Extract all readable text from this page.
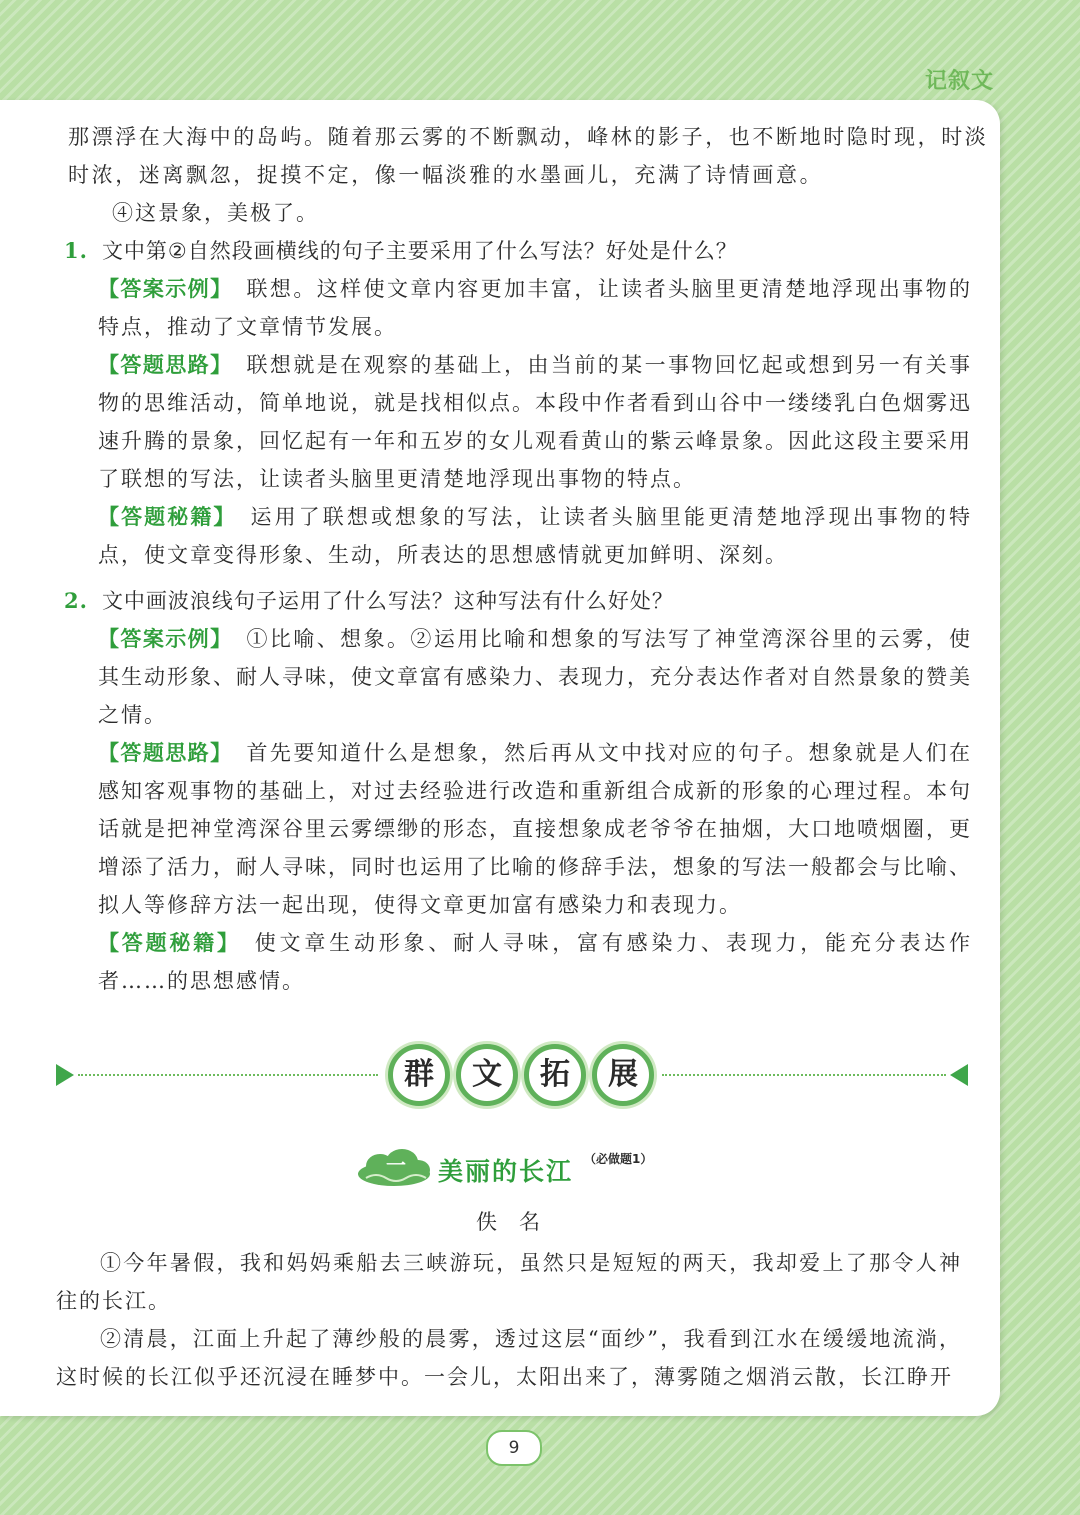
记叙文

那漂浮在大海中的岛屿。随着那云雾的不断飘动，峰林的影子，也不断地时隐时现，时淡

时浓，迷离飘忽，捉摸不定，像一幅淡雅的水墨画儿，充满了诗情画意。

④这景象，美极了。

1. 文中第②自然段画横线的句子主要采用了什么写法？好处是什么？

【答案示例】 联想。这样使文章内容更加丰富，让读者头脑里更清楚地浮现出事物的特点，推动了文章情节发展。

【答题思路】 联想就是在观察的基础上，由当前的某一事物回忆起或想到另一有关事物的思维活动，简单地说，就是找相似点。本段中作者看到山谷中一缕缕乳白色烟雾迅速升腾的景象，回忆起有一年和五岁的女儿观看黄山的紫云峰景象。因此这段主要采用了联想的写法，让读者头脑里更清楚地浮现出事物的特点。

【答题秘籍】 运用了联想或想象的写法，让读者头脑里能更清楚地浮现出事物的特点，使文章变得形象、生动，所表达的思想感情就更加鲜明、深刻。

2. 文中画波浪线句子运用了什么写法？这种写法有什么好处？

【答案示例】 ①比喻、想象。②运用比喻和想象的写法写了神堂湾深谷里的云雾，使其生动形象、耐人寻味，使文章富有感染力、表现力，充分表达作者对自然景象的赞美之情。

【答题思路】 首先要知道什么是想象，然后再从文中找对应的句子。想象就是人们在感知客观事物的基础上，对过去经验进行改造和重新组合成新的形象的心理过程。本句话就是把神堂湾深谷里云雾缥缈的形态，直接想象成老爷爷在抽烟，大口地喷烟圈，更增添了活力，耐人寻味，同时也运用了比喻的修辞手法，想象的写法一般都会与比喻、拟人等修辞方法一起出现，使得文章更加富有感染力和表现力。

【答题秘籍】 使文章生动形象、耐人寻味，富有感染力、表现力，能充分表达作者……的思想感情。

群	文	拓	展
一 美丽的长江 （必做题1）
佚名

①今年暑假，我和妈妈乘船去三峡游玩，虽然只是短短的两天，我却爱上了那令人神往的长江。

②清晨，江面上升起了薄纱般的晨雾，透过这层“面纱”，我看到江水在缓缓地流淌，这时候的长江似乎还沉浸在睡梦中。一会儿，太阳出来了，薄雾随之烟消云散，长江睁开

9
